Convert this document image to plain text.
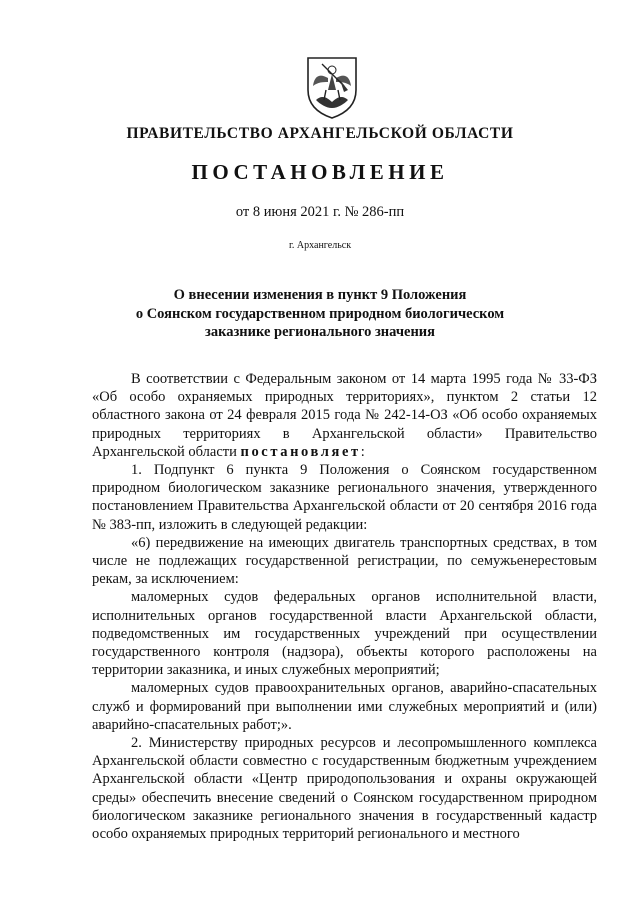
ПРАВИТЕЛЬСТВО АРХАНГЕЛЬСКОЙ ОБЛАСТИ
ПОСТАНОВЛЕНИЕ
от 8 июня 2021 г. № 286-пп
г. Архангельск
О внесении изменения в пункт 9 Положения
о Соянском государственном природном биологическом
заказнике регионального значения

В соответствии с Федеральным законом от 14 марта 1995 года № 33-ФЗ «Об особо охраняемых природных территориях», пунктом 2 статьи 12 областного закона от 24 февраля 2015 года № 242-14-ОЗ «Об особо охраняемых природных территориях в Архангельской области» Правительство Архангельской области постановляет:

1. Подпункт 6 пункта 9 Положения о Соянском государственном природном биологическом заказнике регионального значения, утвержденного постановлением Правительства Архангельской области от 20 сентября 2016 года № 383-пп, изложить в следующей редакции:

«6) передвижение на имеющих двигатель транспортных средствах, в том числе не подлежащих государственной регистрации, по семужьенерестовым рекам, за исключением:

маломерных судов федеральных органов исполнительной власти, исполнительных органов государственной власти Архангельской области, подведомственных им государственных учреждений при осуществлении государственного контроля (надзора), объекты которого расположены на территории заказника, и иных служебных мероприятий;

маломерных судов правоохранительных органов, аварийно-спасательных служб и формирований при выполнении ими служебных мероприятий и (или) аварийно-спасательных работ;».

2. Министерству природных ресурсов и лесопромышленного комплекса Архангельской области совместно с государственным бюджетным учреждением Архангельской области «Центр природопользования и охраны окружающей среды» обеспечить внесение сведений о Соянском государственном природном биологическом заказнике регионального значения в государственный кадастр особо охраняемых природных территорий регионального и местного
